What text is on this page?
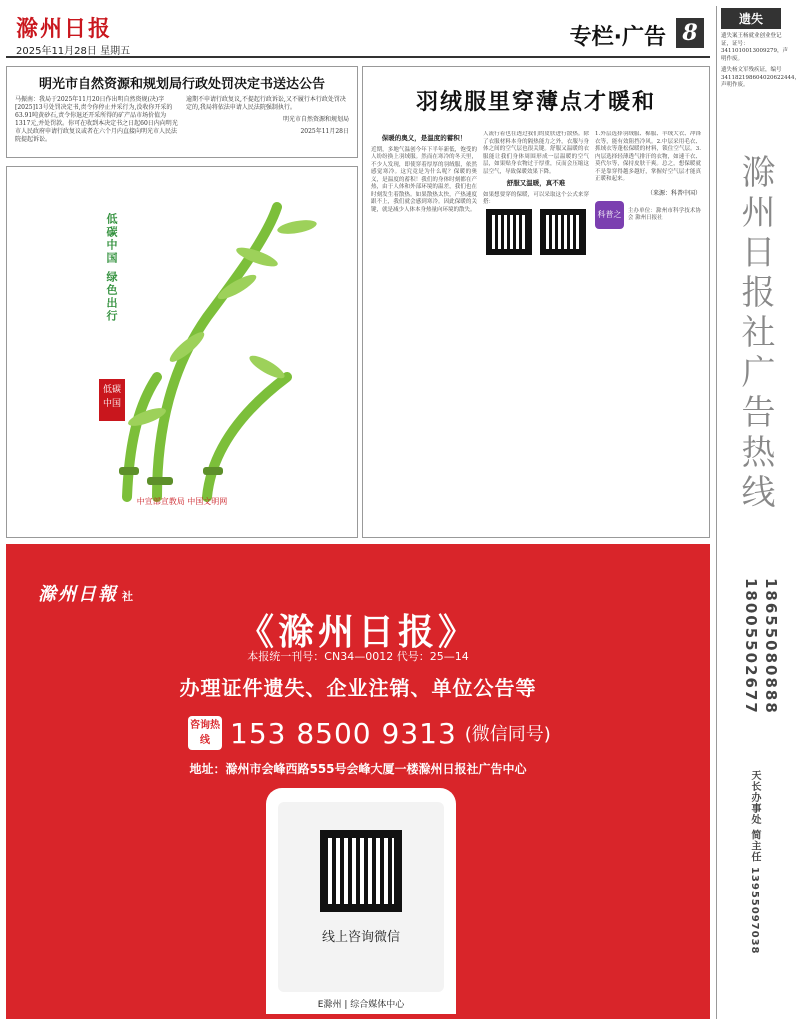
滁州日报
2025年11月28日 星期五
专栏·广告 8
明光市自然资源和规划局行政处罚决定书送达公告
马振南：我局于2025年11月20日作出明自然资规(决)字[2025]13号处罚决定书,责令你停止并采行为,没收你开采的63.91吨黄砂石,责令你退还开采所得的矿产品市场价值为1317元,并处罚款。你可在收到本决定书之日起60日内向明光市人民政府申请行政复议或者在六个月内直接向明光市人民法院提起诉讼。
逾期不申请行政复议,不提起行政诉讼,又不履行本行政处罚决定的,我局将依法申请人民法院强制执行。
明光市自然资源和规划局
2025年11月28日
低碳中国 绿色出行
低碳中国
中宣部宣教局 中国文明网
羽绒服里穿薄点才暖和
保暖的奥义，是温度的蓄积！
近期，多地气温创今年下半年新低，饱受的人纷纷换上羽绒服。然而在寒冷的冬天里，不少人发现，即使穿着厚厚的羽绒服，依然感觉寒冷。这究竟是为什么呢？保暖的奥义，是温度的蓄积！我们的身体时刻都在产热，由于人体和外部环境的温差，我们也在时刻发生着散热。如果散热太快，产热速度跟不上，我们就会感到寒冷。因此保暖的关键，就是减少人体本身热量向环境的散失。
人流行着也在透过我们的皮肤进行散热。除了衣服材料本身的隔热能力之外，衣服与身体之间的空气层也很关键。舒服又温暖的衣服能让我们身体周围形成一层温暖的空气层，如果贴身衣物过于厚重，反而会压缩这层空气，导致保暖效果下降。
舒服又温暖，真不难
如果想要穿的保暖，可以采取这个公式来穿搭：

1.外层选择羽绒服、棉服、羊绒大衣、冲锋衣等，能有效阻挡冷风。2.中层采用毛衣、抓绒衣等蓬松保暖的材料，锁住空气层。3.内层选择轻薄透气排汗的衣物，如速干衣、莫代尔等，保持皮肤干爽。总之，想保暖就不是靠穿得越多越好，掌握好空气层才能真正暖和起来。
（来源：科普中国）
科普之窗
主办单位：滁州市科学技术协会 滁州日报社
遗失
遗失案王杨就业创业登记证，证号：3411010013009279，声明作废。
遗失杨文军残疾证，编号341182198604020622444，声明作废。
滁州日报社广告热线
18655080888
18005502677
天长办事处 简主任 13955097038
滁州日報 社
《滁州日报》
本报统一刊号：CN34—0012 代号：25—14
办理证件遗失、企业注销、单位公告等
咨询热线 153 8500 9313 (微信同号)
地址：滁州市会峰西路555号会峰大厦一楼滁州日报社广告中心
线上咨询微信
E滁州 | 综合媒体中心
